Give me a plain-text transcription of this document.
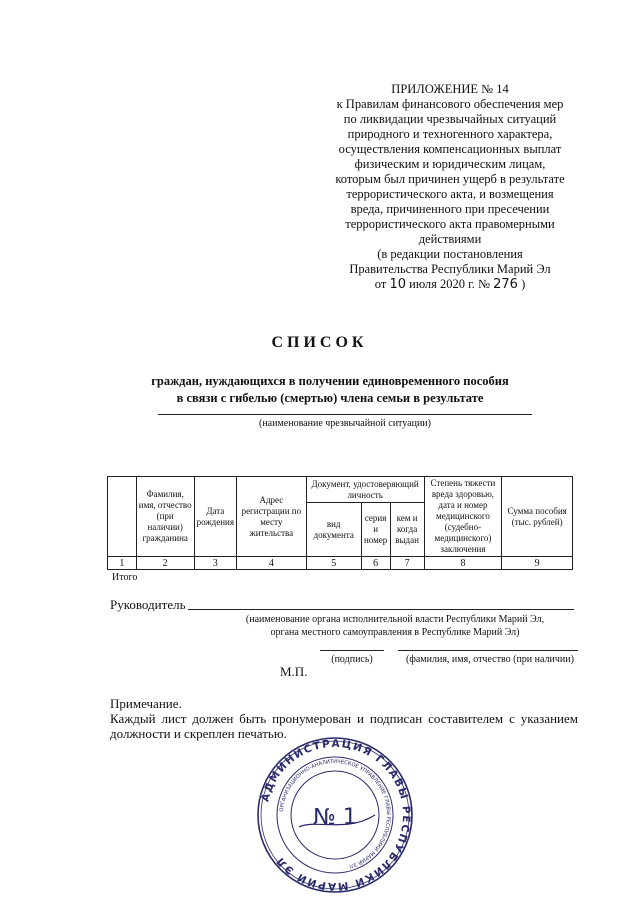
ПРИЛОЖЕНИЕ № 14
к Правилам финансового обеспечения мер
по ликвидации чрезвычайных ситуаций
природного и техногенного характера,
осуществления компенсационных выплат
физическим и юридическим лицам,
которым был причинен ущерб в результате
террористического акта, и возмещения
вреда, причиненного при пресечении
террористического акта правомерными
действиями
(в редакции постановления
Правительства Республики Марий Эл
от 10 июля 2020 г. № 276 )
СПИСОК
граждан, нуждающихся в получении единовременного пособия
в связи с гибелью (смертью) члена семьи в результате
(наименование чрезвычайной ситуации)
	Фамилия, имя, отчество (при наличии) гражданина	Дата рождения	Адрес регистрации по месту жительства	Документ, удостоверяющий личность			Степень тяжести вреда здоровью, дата и номер медицинского (судебно-медицинского) заключения	Сумма пособия (тыс. рублей)
				вид документа	серия и номер	кем и когда выдан		
1	2	3	4	5	6	7	8	9
Итого
Руководитель
(наименование органа исполнительной власти Республики Марий Эл,
органа местного самоуправления в Республике Марий Эл)
(подпись)	(фамилия, имя, отчество (при наличии)
М.П.
Примечание.
Каждый лист должен быть пронумерован и подписан составителем с указанием должности и скреплен печатью.
АДМИНИСТРАЦИЯ ГЛАВЫ РЕСПУБЛИКИ МАРИЙ ЭЛ
ОРГАНИЗАЦИОННО-АНАЛИТИЧЕСКОЕ УПРАВЛЕНИЕ ГЛАВЫ РЕСПУБЛИКИ МАРИЙ ЭЛ
№ 1
